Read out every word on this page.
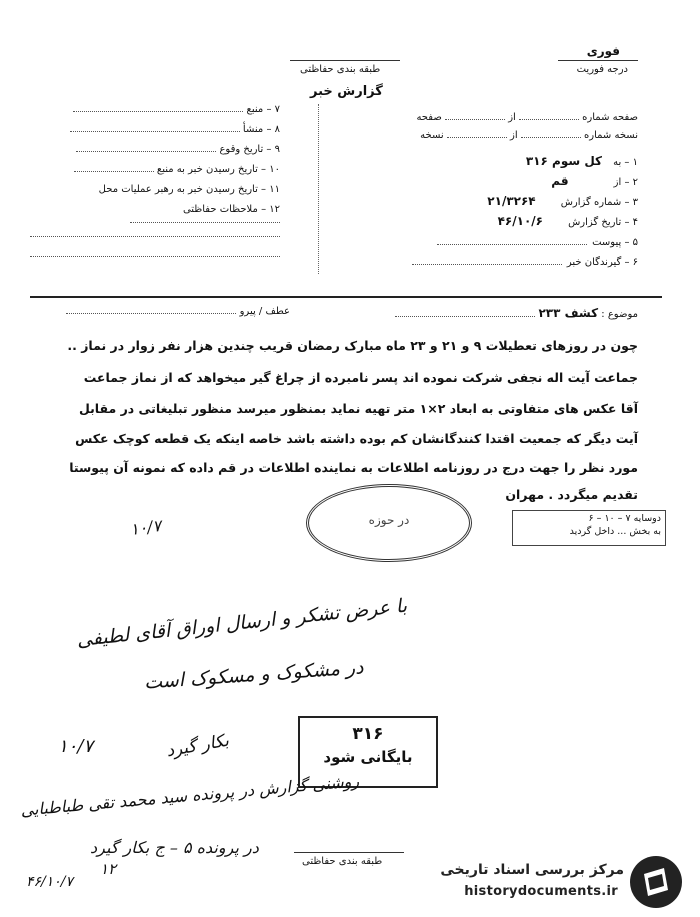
فوری
درجه فوریت
طبقه بندی حفاظتی
گزارش خبر
صفحه شماره  از  صفحه
نسخه شماره  از  نسخه
۱ – به کل سوم ۳۱۶
۲ – از قم
۳ – شماره گزارش ۲۱/۳۲۶۴
۴ – تاریخ گزارش ۴۶/۱۰/۶
۵ – پیوست
۶ – گیرندگان خبر
۷ – منبع
۸ – منشأ
۹ – تاریخ وقوع
۱۰ – تاریخ رسیدن خبر به منبع
۱۱ – تاریخ رسیدن خبر به رهبر عملیات محل
۱۲ – ملاحظات حفاظتی
موضوع : کشف ۲۳۳
عطف / پیرو
چون در روزهای تعطیلات ۹ و ۲۱ و ۲۳ ماه مبارک رمضان قریب چندین هزار نفر زوار در نماز ..
جماعت آیت اله نجفی شرکت نموده اند پسر نامبرده از چراغ گیر میخواهد که از نماز جماعت
آقا عکس های متفاوتی به ابعاد ۲×۱ متر تهیه نماید بمنظور میرسد منظور تبلیغاتی در مقابل
آیت دیگر که جمعیت اقتدا کنندگانشان کم بوده داشته باشد خاصه اینکه یک قطعه کوچک عکس
مورد نظر را جهت درج در روزنامه اطلاعات به نماینده اطلاعات در قم داده که نمونه آن پیوستا
تقدیم میگردد . مهران
در حوزه	دوسایه ۷ – ۱۰ – ۶
به بخش ... داخل گردید
۳۱۶
بایگانی شود
۱۰/۷
با عرض تشکر و ارسال اوراق آقای لطیفی
در مشکوک و مسکوک است
۱۰/۷	بکار گیرد
روشنی گزارش در پرونده سید محمد تقی طباطبایی
در پرونده ۵ – ج بکار گیرد
۱۲
۴۶/۱۰/۷
طبقه بندی حفاظتی
مرکز بررسی اسناد تاریخی
historydocuments.ir
